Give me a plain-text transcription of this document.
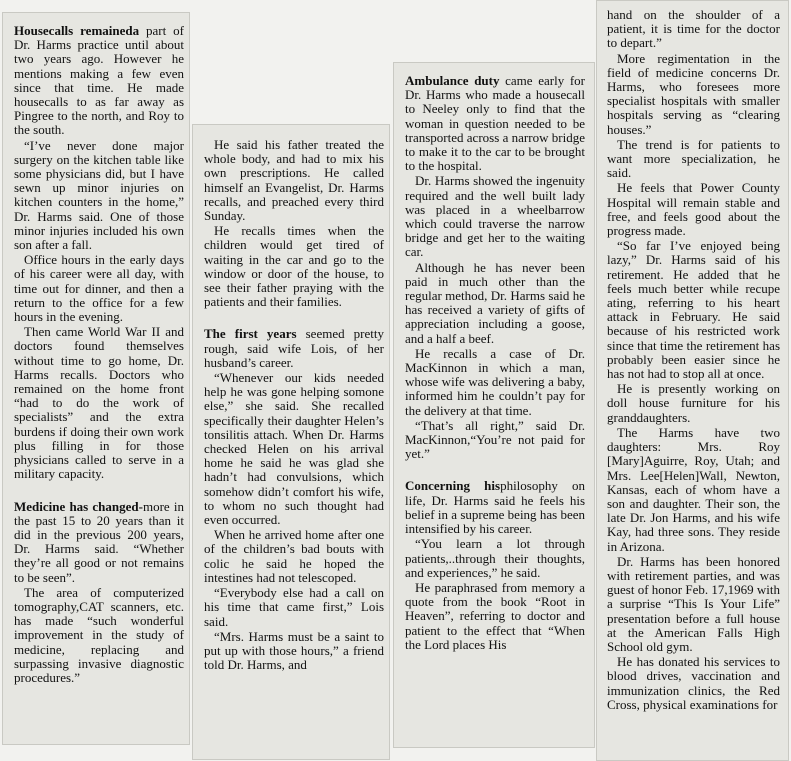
Housecalls remaineda part of Dr. Harms practice until about two years ago. However he mentions making a few even since that time. He made housecalls to as far away as Pingree to the north, and Roy to the south.

“I’ve never done major surgery on the kitchen table like some physicians did, but I have sewn up minor injuries on kitchen counters in the home,” Dr. Harms said. One of those minor injuries included his own son after a fall.

Office hours in the early days of his career were all day, with time out for dinner, and then a return to the office for a few hours in the evening.

Then came World War II and doctors found themselves without time to go home, Dr. Harms recalls. Doctors who remained on the home front “had to do the work of specialists” and the extra burdens if doing their own work plus filling in for those physicians called to serve in a military capacity.

Medicine has changed-more in the past 15 to 20 years than it did in the previous 200 years, Dr. Harms said. “Whether they’re all good or not remains to be seen”.

The area of computerized tomography,CAT scanners, etc. has made “such wonderful improvement in the study of medicine, replacing and surpassing invasive diagnostic procedures.”

He said his father treated the whole body, and had to mix his own prescriptions. He called himself an Evangelist, Dr. Harms recalls, and preached every third Sunday.

He recalls times when the children would get tired of waiting in the car and go to the window or door of the house, to see their father praying with the patients and their families.

The first years seemed pretty rough, said wife Lois, of her husband’s career.

“Whenever our kids needed help he was gone helping somone else,” she said. She recalled specifically their daughter Helen’s tonsilitis attach. When Dr. Harms checked Helen on his arrival home he said he was glad she hadn’t had convulsions, which somehow didn’t comfort his wife, to whom no such thought had even occurred.

When he arrived home after one of the children’s bad bouts with colic he said he hoped the intestines had not telescoped.

“Everybody else had a call on his time that came first,” Lois said.

“Mrs. Harms must be a saint to put up with those hours,” a friend told Dr. Harms, and

Ambulance duty came early for Dr. Harms who made a housecall to Neeley only to find that the woman in question needed to be transported across a narrow bridge to make it to the car to be brought to the hospital.

Dr. Harms showed the ingenuity required and the well built lady was placed in a wheelbarrow which could traverse the narrow bridge and get her to the waiting car.

Although he has never been paid in much other than the regular method, Dr. Harms said he has received a variety of gifts of appreciation including a goose, and a half a beef.

He recalls a case of Dr. MacKinnon in which a man, whose wife was delivering a baby, informed him he couldn’t pay for the delivery at that time.

“That’s all right,” said Dr. MacKinnon,“You’re not paid for yet.”

Concerning hisphilosophy on life, Dr. Harms said he feels his belief in a supreme being has been intensified by his career.

“You learn a lot through patients,..through their thoughts, and experiences,” he said.

He paraphrased from memory a quote from the book “Root in Heaven”, referring to doctor and patient to the effect that “When the Lord places His

hand on the shoulder of a patient, it is time for the doctor to depart.”

More regimentation in the field of medicine concerns Dr. Harms, who foresees more specialist hospitals with smaller hospitals serving as “clearing houses.”

The trend is for patients to want more specialization, he said.

He feels that Power County Hospital will remain stable and free, and feels good about the progress made.

“So far I’ve enjoyed being lazy,” Dr. Harms said of his retirement. He added that he feels much better while recupe ating, referring to his heart attack in February. He said because of his restricted work since that time the retirement has probably been easier since he has not had to stop all at once.

He is presently working on doll house furniture for his granddaughters.

The Harms have two daughters: Mrs. Roy [Mary]Aguirre, Roy, Utah; and Mrs. Lee[Helen]Wall, Newton, Kansas, each of whom have a son and daughter. Their son, the late Dr. Jon Harms, and his wife Kay, had three sons. They reside in Arizona.

Dr. Harms has been honored with retirement parties, and was guest of honor Feb. 17,1969 with a surprise “This Is Your Life” presentation before a full house at the American Falls High School old gym.

He has donated his services to blood drives, vaccination and immunization clinics, the Red Cross, physical examinations for
